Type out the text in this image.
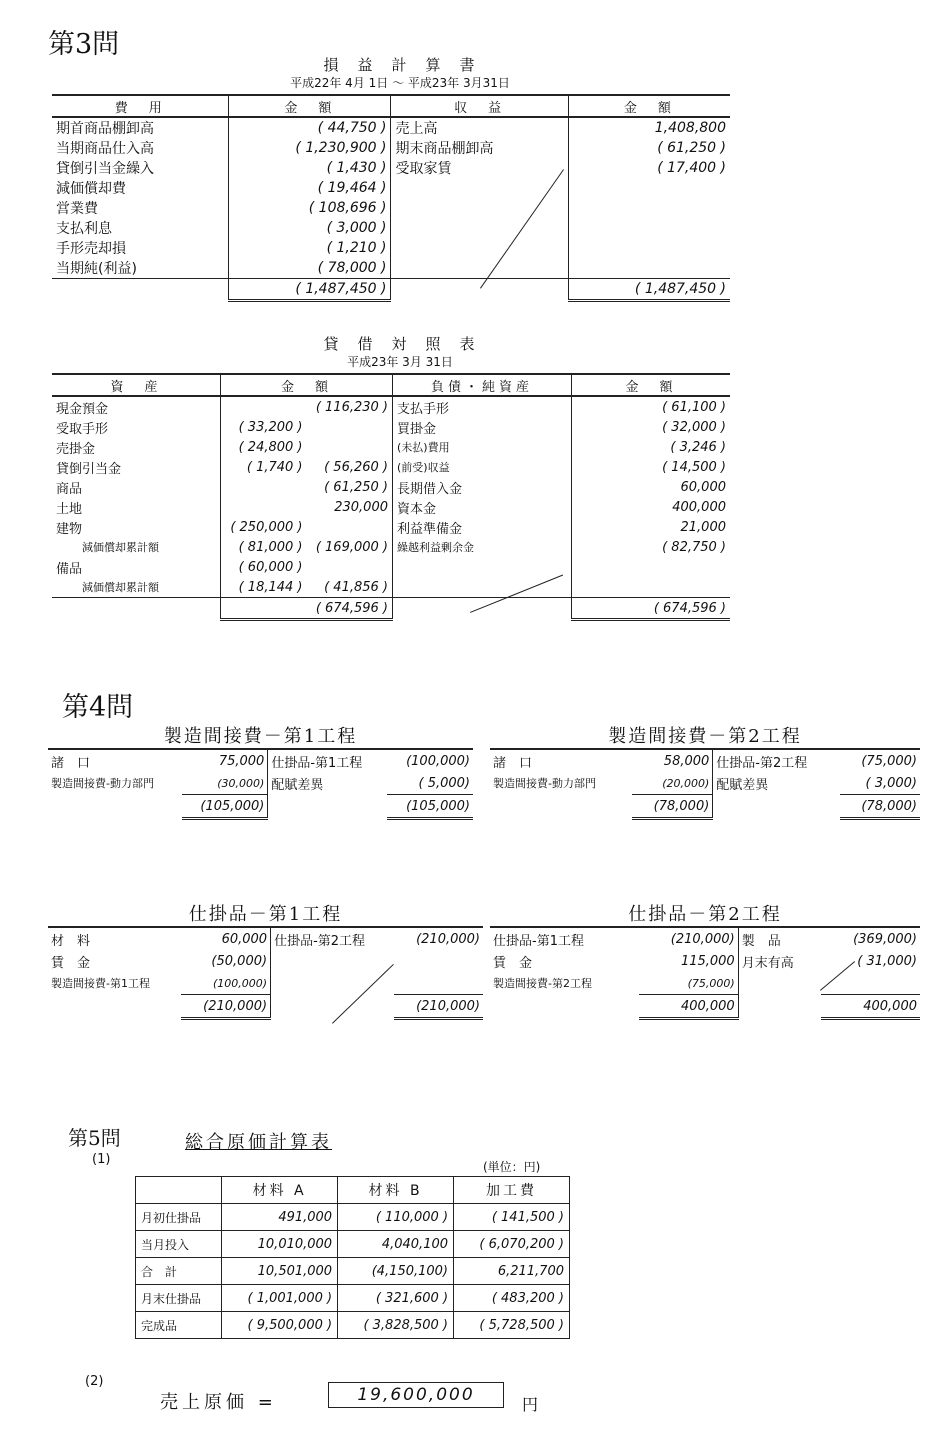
第3問
損　益　計　算　書
平成22年 4月 1日 ～ 平成23年 3月31日
費　用	金　額	収　益	金　額
期首商品棚卸高	( 44,750 )	売上高	1,408,800
当期商品仕入高	( 1,230,900 )	期末商品棚卸高	( 61,250 )
貸倒引当金繰入	( 1,430 )	受取家賃	( 17,400 )
減価償却費	( 19,464 )		
営業費	( 108,696 )		
支払利息	( 3,000 )		
手形売却損	( 1,210 )		
当期純(利益)	( 78,000 )		
	( 1,487,450 )		( 1,487,450 )
貸　借　対　照　表
平成23年 3月 31日
資　産	金　額		負債・純資産	金　額
現金預金		( 116,230 )	支払手形	( 61,100 )
受取手形	( 33,200 )		買掛金	( 32,000 )
売掛金	( 24,800 )		(未払)費用	( 3,246 )
貸倒引当金	( 1,740 )	( 56,260 )	(前受)収益	( 14,500 )
商品		( 61,250 )	長期借入金	60,000
土地		230,000	資本金	400,000
建物	( 250,000 )		利益準備金	21,000
減価償却累計額	( 81,000 )	( 169,000 )	繰越利益剰余金	( 82,750 )
備品	( 60,000 )			
減価償却累計額	( 18,144 )	( 41,856 )		
	( 674,596 )			( 674,596 )
第4問
製造間接費－第1工程
諸　口	75,000	仕掛品-第1工程	(100,000)
製造間接費-動力部門	(30,000)	配賦差異	( 5,000)
	(105,000)		(105,000)
製造間接費－第2工程
諸　口	58,000	仕掛品-第2工程	(75,000)
製造間接費-動力部門	(20,000)	配賦差異	( 3,000)
	(78,000)		(78,000)
仕掛品－第1工程
材　料	60,000	仕掛品-第2工程	(210,000)
賃　金	(50,000)		
製造間接費-第1工程	(100,000)		
	(210,000)		(210,000)
仕掛品－第2工程
仕掛品-第1工程	(210,000)	製　品	(369,000)
賃　金	115,000	月末有高	( 31,000)
製造間接費-第2工程	(75,000)		
	400,000		400,000
第5問
(1)
総合原価計算表
(単位：円)
	材料 A	材料 B	加工費
月初仕掛品	491,000	( 110,000 )	( 141,500 )
当月投入	10,010,000	4,040,100	( 6,070,200 )
合　計	10,501,000	(4,150,100)	6,211,700
月末仕掛品	( 1,001,000 )	( 321,600 )	( 483,200 )
完成品	( 9,500,000 )	( 3,828,500 )	( 5,728,500 )
(2)
売上原価 =	19,600,000	円
